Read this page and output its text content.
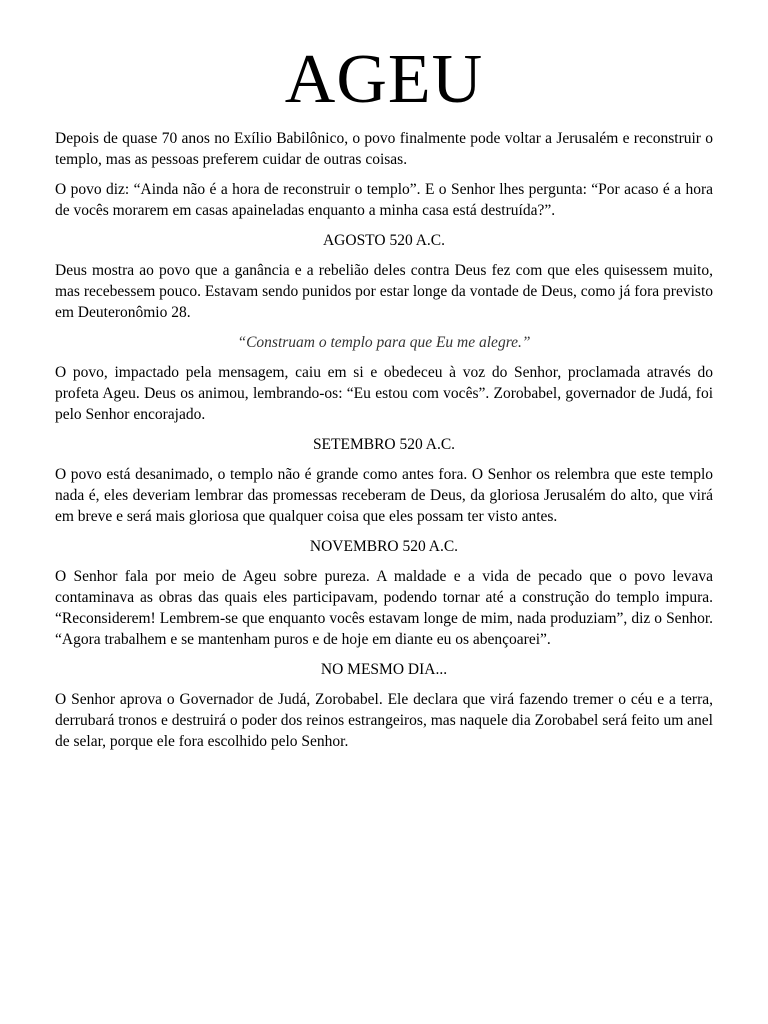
AGEU

Depois de quase 70 anos no Exílio Babilônico, o povo finalmente pode voltar a Jerusalém e reconstruir o templo, mas as pessoas preferem cuidar de outras coisas.

O povo diz: “Ainda não é a hora de reconstruir o templo”. E o Senhor lhes pergunta: “Por acaso é a hora de vocês morarem em casas apaineladas enquanto a minha casa está destruída?”.

AGOSTO 520 A.C.

Deus mostra ao povo que a ganância e a rebelião deles contra Deus fez com que eles quisessem muito, mas recebessem pouco. Estavam sendo punidos por estar longe da vontade de Deus, como já fora previsto em Deuteronômio 28.

“Construam o templo para que Eu me alegre.”

O povo, impactado pela mensagem, caiu em si e obedeceu à voz do Senhor, proclamada através do profeta Ageu. Deus os animou, lembrando-os: “Eu estou com vocês”. Zorobabel, governador de Judá, foi pelo Senhor encorajado.

SETEMBRO 520 A.C.

O povo está desanimado, o templo não é grande como antes fora. O Senhor os relembra que este templo nada é, eles deveriam lembrar das promessas receberam de Deus, da gloriosa Jerusalém do alto, que virá em breve e será mais gloriosa que qualquer coisa que eles possam ter visto antes.

NOVEMBRO 520 A.C.

O Senhor fala por meio de Ageu sobre pureza. A maldade e a vida de pecado que o povo levava contaminava as obras das quais eles participavam, podendo tornar até a construção do templo impura. “Reconsiderem! Lembrem-se que enquanto vocês estavam longe de mim, nada produziam”, diz o Senhor. “Agora trabalhem e se mantenham puros e de hoje em diante eu os abençoarei”.

NO MESMO DIA...

O Senhor aprova o Governador de Judá, Zorobabel. Ele declara que virá fazendo tremer o céu e a terra, derrubará tronos e destruirá o poder dos reinos estrangeiros, mas naquele dia Zorobabel será feito um anel de selar, porque ele fora escolhido pelo Senhor.
